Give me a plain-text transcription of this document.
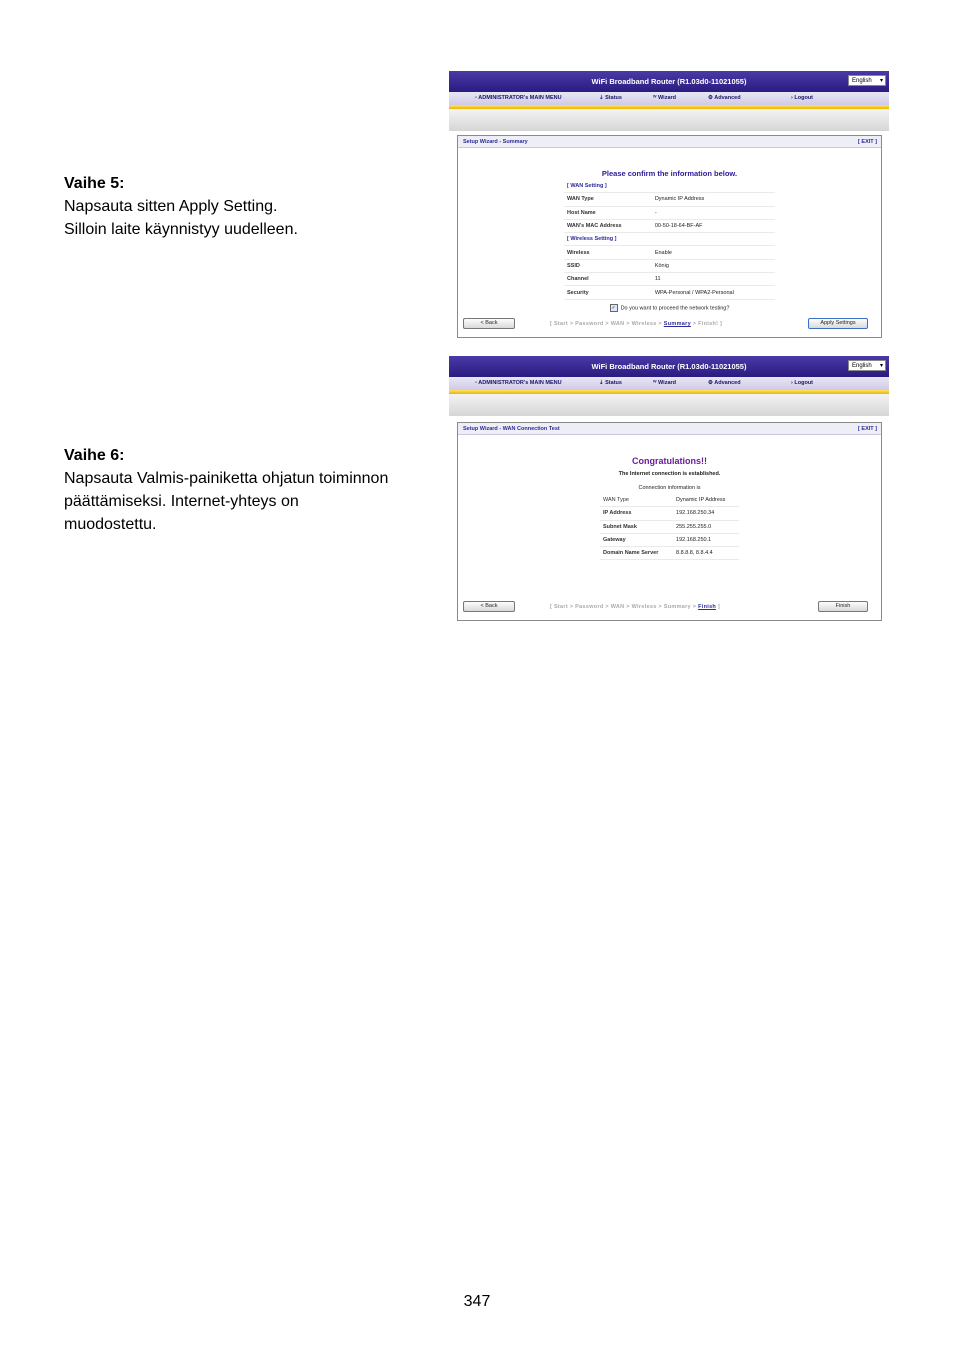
Vaihe 5:
Napsauta sitten Apply Setting.
Silloin laite käynnistyy uudelleen.
Vaihe 6:
Napsauta Valmis-painiketta ohjatun toiminnon
päättämiseksi. Internet-yhteys on
muodostettu.
WiFi Broadband Router (R1.03d0-11021055)	English ▾
▫ ADMINISTRATOR's MAIN MENU	⇣ Status	ᵂ Wizard	⚙ Advanced	› Logout
Setup Wizard - Summary	[ EXIT ]
Please confirm the information below.
[ WAN Setting ]	
WAN Type	Dynamic IP Address
Host Name	-
WAN's MAC Address	00-50-18-64-BF-AF
[ Wireless Setting ]	
Wireless	Enable
SSID	König
Channel	11
Security	WPA-Personal / WPA2-Personal
✓ Do you want to proceed the network testing?
< Back	[ Start > Password > WAN > Wireless > Summary > Finish! ]	Apply Settings
WiFi Broadband Router (R1.03d0-11021055)	English ▾
▫ ADMINISTRATOR's MAIN MENU	⇣ Status	ᵂ Wizard	⚙ Advanced	› Logout
Setup Wizard - WAN Connection Test	[ EXIT ]
Congratulations!!
The Internet connection is established.
Connection information is
WAN Type	Dynamic IP Address
IP Address	192.168.250.34
Subnet Mask	255.255.255.0
Gateway	192.168.250.1
Domain Name Server	8.8.8.8, 8.8.4.4
< Back	[ Start > Password > WAN > Wireless > Summary > Finish ]	Finish
347
